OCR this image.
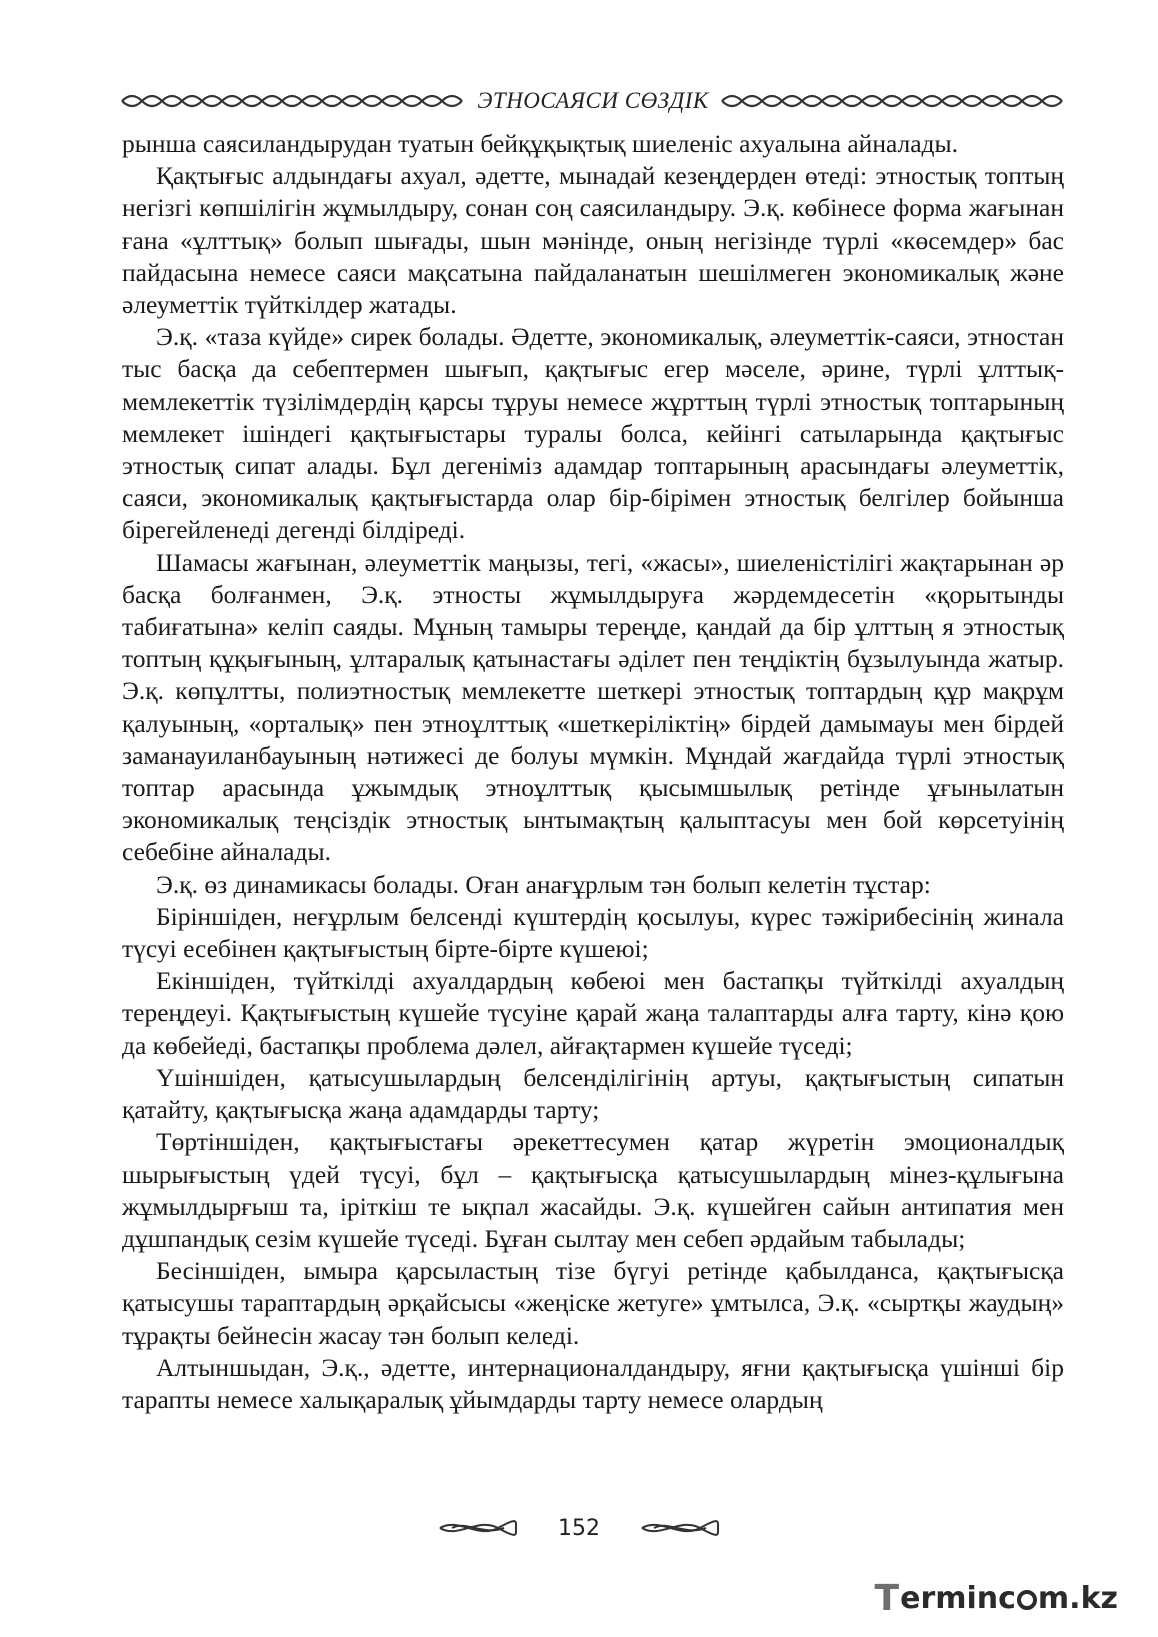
ЭТНОСАЯСИ СӨЗДІК

рынша саясиландырудан туатын бейқұқықтық шиеленіс ахуалына айналады.

Қақтығыс алдындағы ахуал, әдетте, мынадай кезеңдерден өтеді: этностық топтың негізгі көпшілігін жұмылдыру, сонан соң саясиландыру. Э.қ. көбінесе форма жағынан ғана «ұлттық» болып шығады, шын мәнінде, оның негізінде түрлі «көсемдер» бас пайдасына немесе саяси мақсатына пайдаланатын шешілмеген экономикалық және әлеуметтік түйткілдер жатады.

Э.қ. «таза күйде» сирек болады. Әдетте, экономикалық, әлеуметтік-саяси, этностан тыс басқа да себептермен шығып, қақтығыс егер мәселе, әрине, түрлі ұлттық-мемлекеттік түзілімдердің қарсы тұруы немесе жұрттың түрлі этностық топтарының мемлекет ішіндегі қақтығыстары туралы болса, кейінгі сатыларында қақтығыс этностық сипат алады. Бұл дегеніміз адамдар топтарының арасындағы әлеуметтік, саяси, экономикалық қақтығыстарда олар бір-бірімен этностық белгілер бойынша бірегейленеді дегенді білдіреді.

Шамасы жағынан, әлеуметтік маңызы, тегі, «жасы», шиеленістілігі жақтарынан әр басқа болғанмен, Э.қ. этносты жұмылдыруға жәрдемдесетін «қорытынды табиғатына» келіп саяды. Мұның тамыры тереңде, қандай да бір ұлттың я этностық топтың құқығының, ұлтаралық қатынастағы әділет пен теңдіктің бұзылуында жатыр. Э.қ. көпұлтты, полиэтностық мемлекетте шеткері этностық топтардың құр мақрұм қалуының, «орталық» пен этноұлттық «шеткеріліктің» бірдей дамымауы мен бірдей заманауиланбауының нәтижесі де болуы мүмкін. Мұндай жағдайда түрлі этностық топтар арасында ұжымдық этноұлттық қысымшылық ретінде ұғынылатын экономикалық теңсіздік этностық ынтымақтың қалыптасуы мен бой көрсетуінің себебіне айналады.

Э.қ. өз динамикасы болады. Оған анағұрлым тән болып келетін тұстар:

Біріншіден, неғұрлым белсенді күштердің қосылуы, күрес тәжірибесінің жинала түсуі есебінен қақтығыстың бірте-бірте күшеюі;

Екіншіден, түйткілді ахуалдардың көбеюі мен бастапқы түйткілді ахуалдың тереңдеуі. Қақтығыстың күшейе түсуіне қарай жаңа талаптарды алға тарту, кінә қою да көбейеді, бастапқы проблема дәлел, айғақтармен күшейе түседі;

Үшіншіден, қатысушылардың белсенділігінің артуы, қақтығыстың сипатын қатайту, қақтығысқа жаңа адамдарды тарту;

Төртіншіден, қақтығыстағы әрекеттесумен қатар жүретін эмоционалдық шырығыстың үдей түсуі, бұл – қақтығысқа қатысушылардың мінез-құлығына жұмылдырғыш та, іріткіш те ықпал жасайды. Э.қ. күшейген сайын антипатия мен дұшпандық сезім күшейе түседі. Бұған сылтау мен себеп әрдайым табылады;

Бесіншіден, ымыра қарсыластың тізе бүгуі ретінде қабылданса, қақтығысқа қатысушы тараптардың әрқайсысы «жеңіске жетуге» ұмтылса, Э.қ. «сыртқы жаудың» тұрақты бейнесін жасау тән болып келеді.

Алтыншыдан, Э.қ., әдетте, интернационалдандыру, яғни қақтығысқа үшінші бір тарапты немесе халықаралық ұйымдарды тарту немесе олардың

152
T erminc m.kz
